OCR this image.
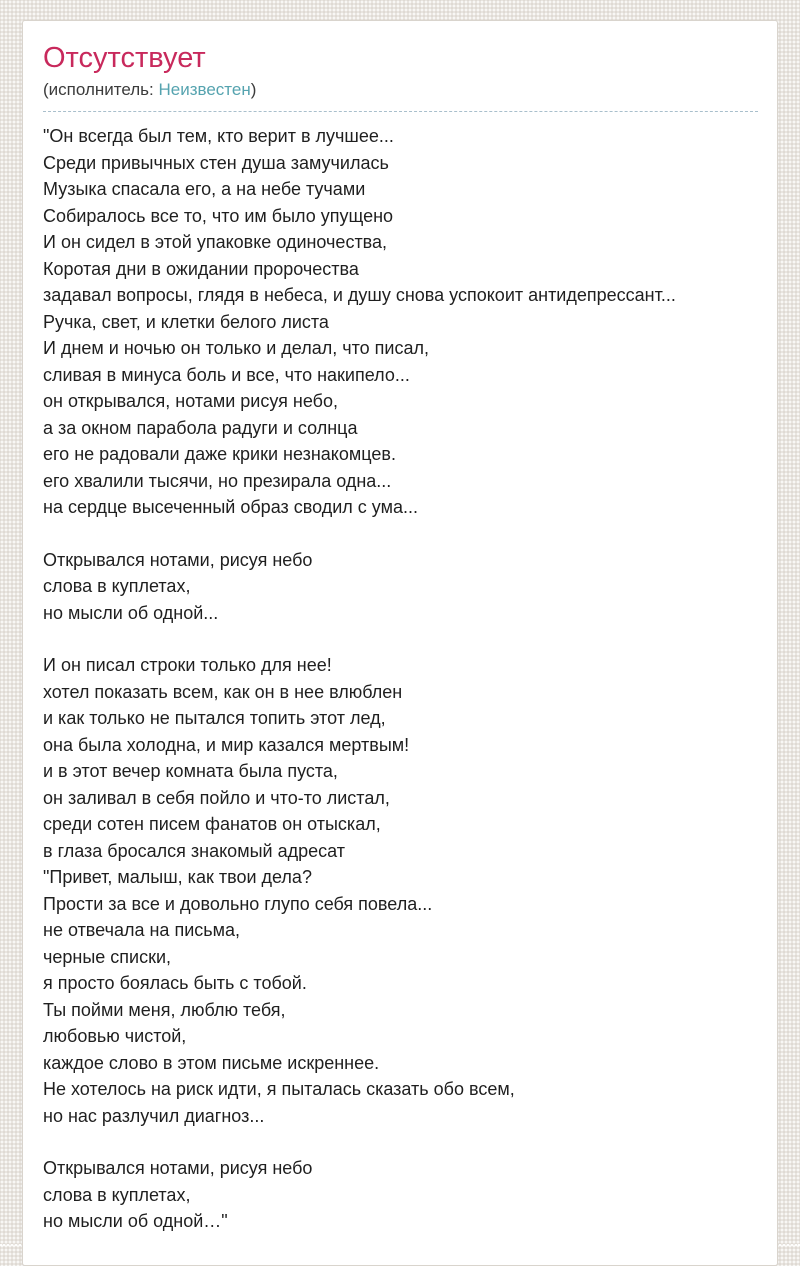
Отсутствует
(исполнитель: Неизвестен)

"Он всегда был тем, кто верит в лучшее...
Среди привычных стен душа замучилась
Музыка спасала его, а на небе тучами
Собиралось все то, что им было упущено
И он сидел в этой упаковке одиночества,
Коротая дни в ожидании пророчества
задавал вопросы, глядя в небеса, и душу снова успокоит антидепрессант...
Ручка, свет, и клетки белого листа
И днем и ночью он только и делал, что писал,
сливая в минуса боль и все, что накипело...
он открывался, нотами рисуя небо,
а за окном парабола радуги и солнца
его не радовали даже крики незнакомцев.
его хвалили тысячи, но презирала одна...
на сердце высеченный образ сводил с ума...

Открывался нотами, рисуя небо
слова в куплетах,
но мысли об одной...

И он писал строки только для нее!
хотел показать всем, как он в нее влюблен
и как только не пытался топить этот лед,
она была холодна, и мир казался мертвым!
и в этот вечер комната была пуста,
он заливал в себя пойло и что-то листал,
среди сотен писем фанатов он отыскал,
в глаза бросался знакомый адресат
"Привет, малыш, как твои дела?
Прости за все и довольно глупо себя повела...
не отвечала на письма,
черные списки,
я просто боялась быть с тобой.
Ты пойми меня, люблю тебя,
любовью чистой,
каждое слово в этом письме искреннее.
Не хотелось на риск идти, я пыталась сказать обо всем,
но нас разлучил диагноз...

Открывался нотами, рисуя небо
слова в куплетах,
но мысли об одной…"
